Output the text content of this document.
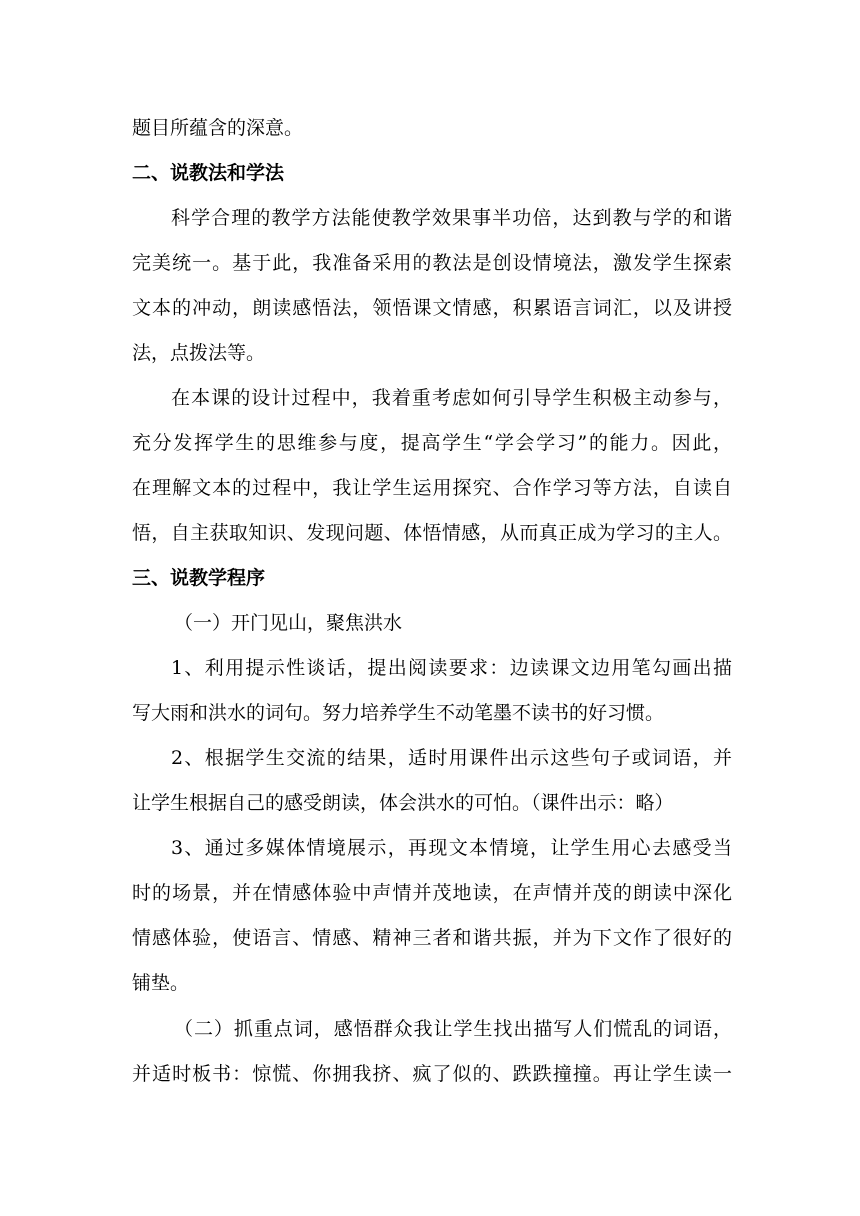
题目所蕴含的深意。
二、说教法和学法
科学合理的教学方法能使教学效果事半功倍，达到教与学的和谐
完美统一。基于此，我准备采用的教法是创设情境法，激发学生探索
文本的冲动，朗读感悟法，领悟课文情感，积累语言词汇，以及讲授
法，点拨法等。
在本课的设计过程中，我着重考虑如何引导学生积极主动参与，
充分发挥学生的思维参与度，提高学生“学会学习”的能力。因此，
在理解文本的过程中，我让学生运用探究、合作学习等方法，自读自
悟，自主获取知识、发现问题、体悟情感，从而真正成为学习的主人。
三、说教学程序
（一）开门见山，聚焦洪水
1、利用提示性谈话，提出阅读要求：边读课文边用笔勾画出描
写大雨和洪水的词句。努力培养学生不动笔墨不读书的好习惯。
2、根据学生交流的结果，适时用课件出示这些句子或词语，并
让学生根据自己的感受朗读，体会洪水的可怕。（课件出示：略）
3、通过多媒体情境展示，再现文本情境，让学生用心去感受当
时的场景，并在情感体验中声情并茂地读，在声情并茂的朗读中深化
情感体验，使语言、情感、精神三者和谐共振，并为下文作了很好的
铺垫。
（二）抓重点词，感悟群众我让学生找出描写人们慌乱的词语，
并适时板书：惊慌、你拥我挤、疯了似的、跌跌撞撞。再让学生读一
